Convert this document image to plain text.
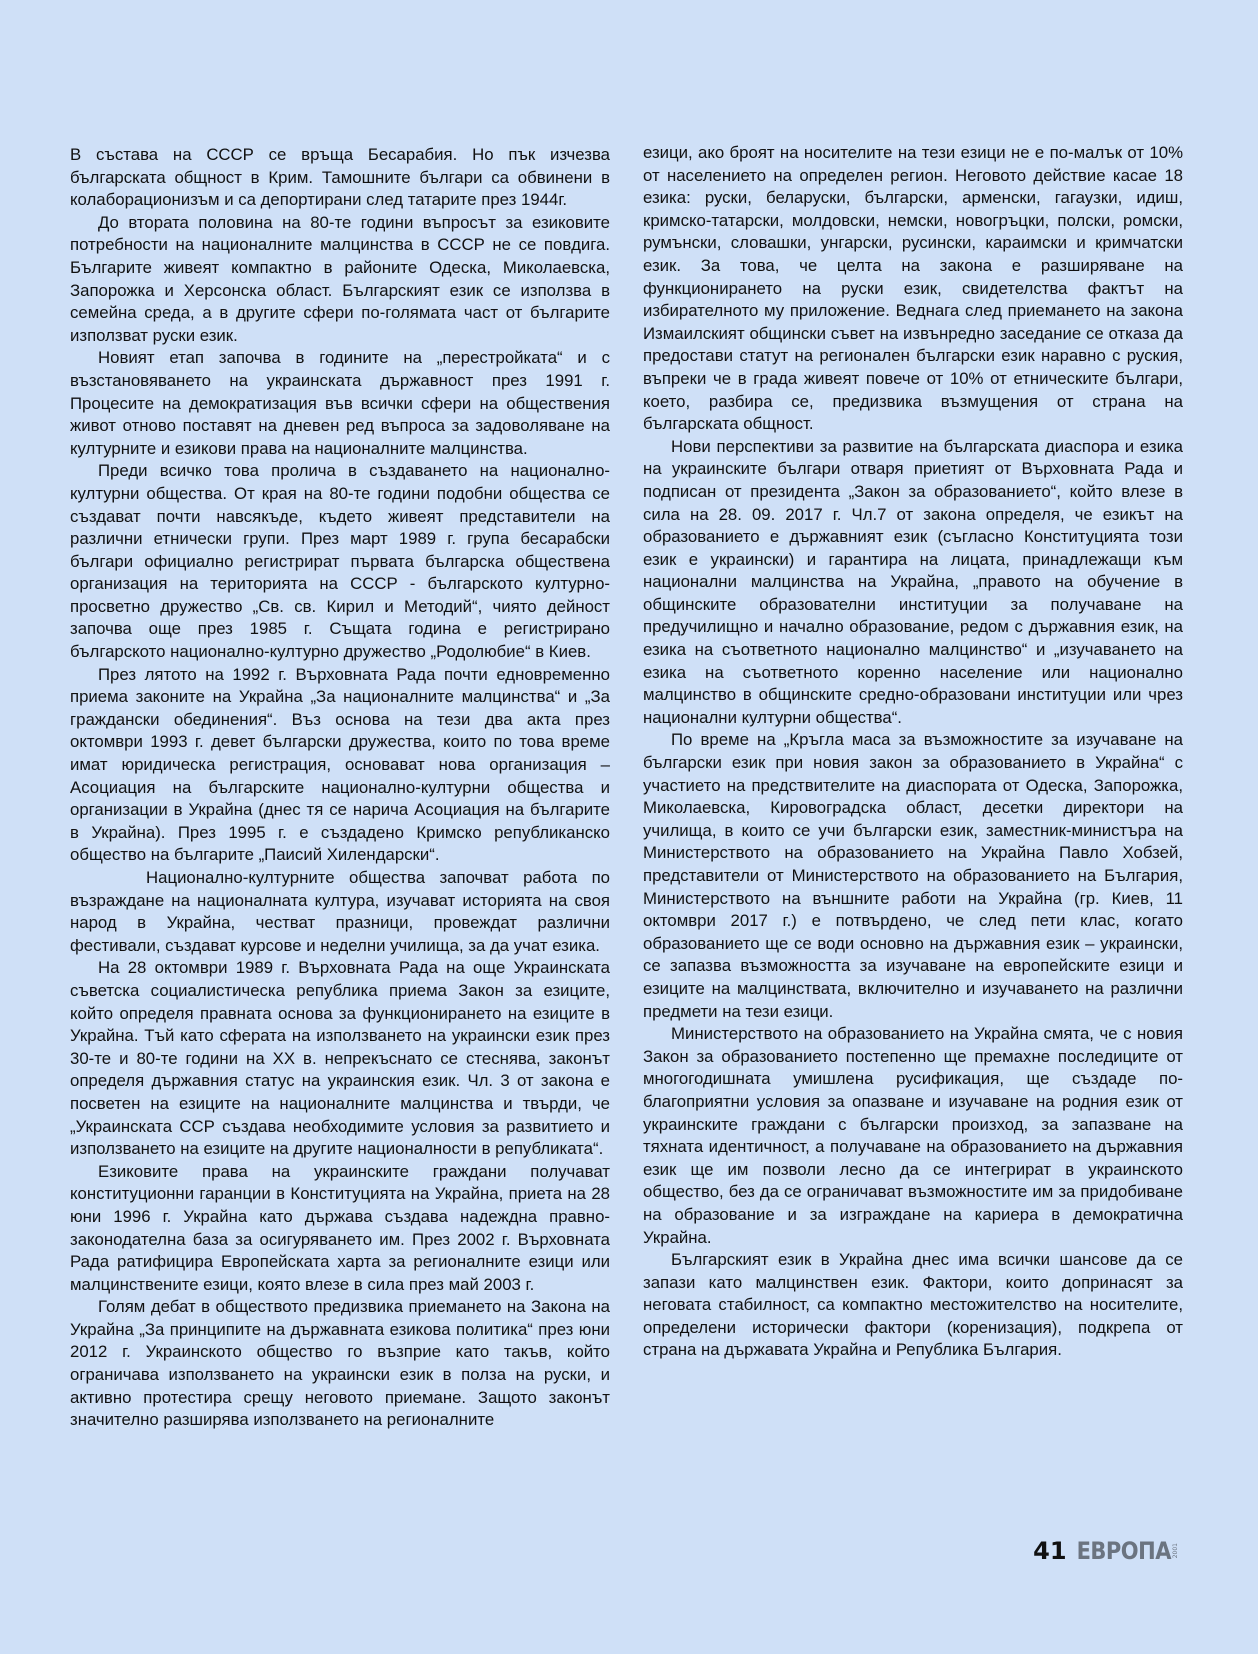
В състава на СССР се връща Бесарабия. Но пък изчезва българската общност в Крим. Тамошните българи са обвинени в колаборационизъм и са депортирани след татарите през 1944г.

До втората половина на 80-те години въпросът за езиковите потребности на националните малцинства в СССР не се повдига. Българите живеят компактно в районите Одеска, Миколаевска, Запорожка и Херсонска област. Българският език се използва в семейна среда, а в другите сфери по-голямата част от българите използват руски език.

Новият етап започва в годините на „перестройката“ и с възстановяването на украинската държавност през 1991 г. Процесите на демократизация във всички сфери на обществения живот отново поставят на дневен ред въпроса за задоволяване на културните и езикови права на националните малцинства.

Преди всичко това пролича в създаването на национално-културни общества. От края на 80-те години подобни общества се създават почти навсякъде, където живеят представители на различни етнически групи. През март 1989 г. група бесарабски българи официално регистрират първата българска обществена организация на територията на СССР - българското културно-просветно дружество „Св. св. Кирил и Методий“, чиято дейност започва още през 1985 г. Същата година е регистрирано българското национално-културно дружество „Родолюбие“ в Киев.

През лятото на 1992 г. Върховната Рада почти едновременно приема законите на Украйна „За националните малцинства“ и „За граждански обединения“. Въз основа на тези два акта през октомври 1993 г. девет български дружества, които по това време имат юридическа регистрация, основават нова организация – Асоциация на българските национално-културни общества и организации в Украйна (днес тя се нарича Асоциация на българите в Украйна). През 1995 г. е създадено Кримско републиканско общество на българите „Паисий Хилендарски“.

Национално-културните общества започват работа по възраждане на националната култура, изучават историята на своя народ в Украйна, честват празници, провеждат различни фестивали, създават курсове и неделни училища, за да учат езика.

На 28 октомври 1989 г. Върховната Рада на още Украинската съветска социалистическа република приема Закон за езиците, който определя правната основа за функционирането на езиците в Украйна. Тъй като сферата на използването на украински език през 30-те и 80-те години на XX в. непрекъснато се стеснява, законът определя държавния статус на украинския език. Чл. 3 от закона е посветен на езиците на националните малцинства и твърди, че „Украинската ССР създава необходимите условия за развитието и използването на езиците на другите националности в републиката“.

Езиковите права на украинските граждани получават конституционни гаранции в Конституцията на Украйна, приета на 28 юни 1996 г. Украйна като държава създава надеждна правно-законодателна база за осигуряването им. През 2002 г. Върховната Рада ратифицира Европейската харта за регионалните езици или малцинствените езици, която влезе в сила през май 2003 г.

Голям дебат в обществото предизвика приемането на Закона на Украйна „За принципите на държавната езикова политика“ през юни 2012 г. Украинското общество го възприе като такъв, който ограничава използването на украински език в полза на руски, и активно протестира срещу неговото приемане. Защото законът значително разширява използването на регионалните

езици, ако броят на носителите на тези езици не е по-малък от 10% от населението на определен регион. Неговото действие касае 18 езика: руски, беларуски, български, арменски, гагаузки, идиш, кримско-татарски, молдовски, немски, новогръцки, полски, ромски, румънски, словашки, унгарски, русински, караимски и кримчатски език. За това, че целта на закона е разширяване на функционирането на руски език, свидетелства фактът на избирателното му приложение. Веднага след приемането на закона Измаилският общински съвет на извънредно заседание се отказа да предостави статут на регионален български език наравно с руския, въпреки че в града живеят повече от 10% от етническите българи, което, разбира се, предизвика възмущения от страна на българската общност.

Нови перспективи за развитие на българската диаспора и езика на украинските българи отваря приетият от Върховната Рада и подписан от президента „Закон за образованието“, който влезе в сила на 28. 09. 2017 г. Чл.7 от закона определя, че езикът на образованието е държавният език (съгласно Конституцията този език е украински) и гарантира на лицата, принадлежащи към национални малцинства на Украйна, „правото на обучение в общинските образователни институции за получаване на предучилищно и начално образование, редом с държавния език, на езика на съответното национално малцинство“ и „изучаването на езика на съответното коренно население или национално малцинство в общинските средно-образовани институции или чрез национални културни общества“.

По време на „Кръгла маса за възможностите за изучаване на български език при новия закон за образованието в Украйна“ с участието на предствителите на диаспората от Одеска, Запорожка, Миколаевска, Кировоградска област, десетки директори на училища, в които се учи български език, заместник-министъра на Министерството на образованието на Украйна Павло Хобзей, представители от Министерството на образованието на България, Министерството на външните работи на Украйна (гр. Киев, 11 октомври 2017 г.) е потвърдено, че след пети клас, когато образованието ще се води основно на държавния език – украински, се запазва възможността за изучаване на европейските езици и езиците на малцинствата, включително и изучаването на различни предмети на тези езици.

Министерството на образованието на Украйна смята, че с новия Закон за образованието постепенно ще премахне последиците от многогодишната умишлена русификация, ще създаде по-благоприятни условия за опазване и изучаване на родния език от украинските граждани с български произход, за запазване на тяхната идентичност, а получаване на образованието на държавния език ще им позволи лесно да се интегрират в украинското общество, без да се ограничават възможностите им за придобиване на образование и за изграждане на кариера в демократична Украйна.

Българският език в Украйна днес има всички шансове да се запази като малцинствен език. Фактори, които допринасят за неговата стабилност, са компактно местожителство на носителите, определени исторически фактори (коренизация), подкрепа от страна на държавата Украйна и Република България.

41 ЕВРОПА 2001
